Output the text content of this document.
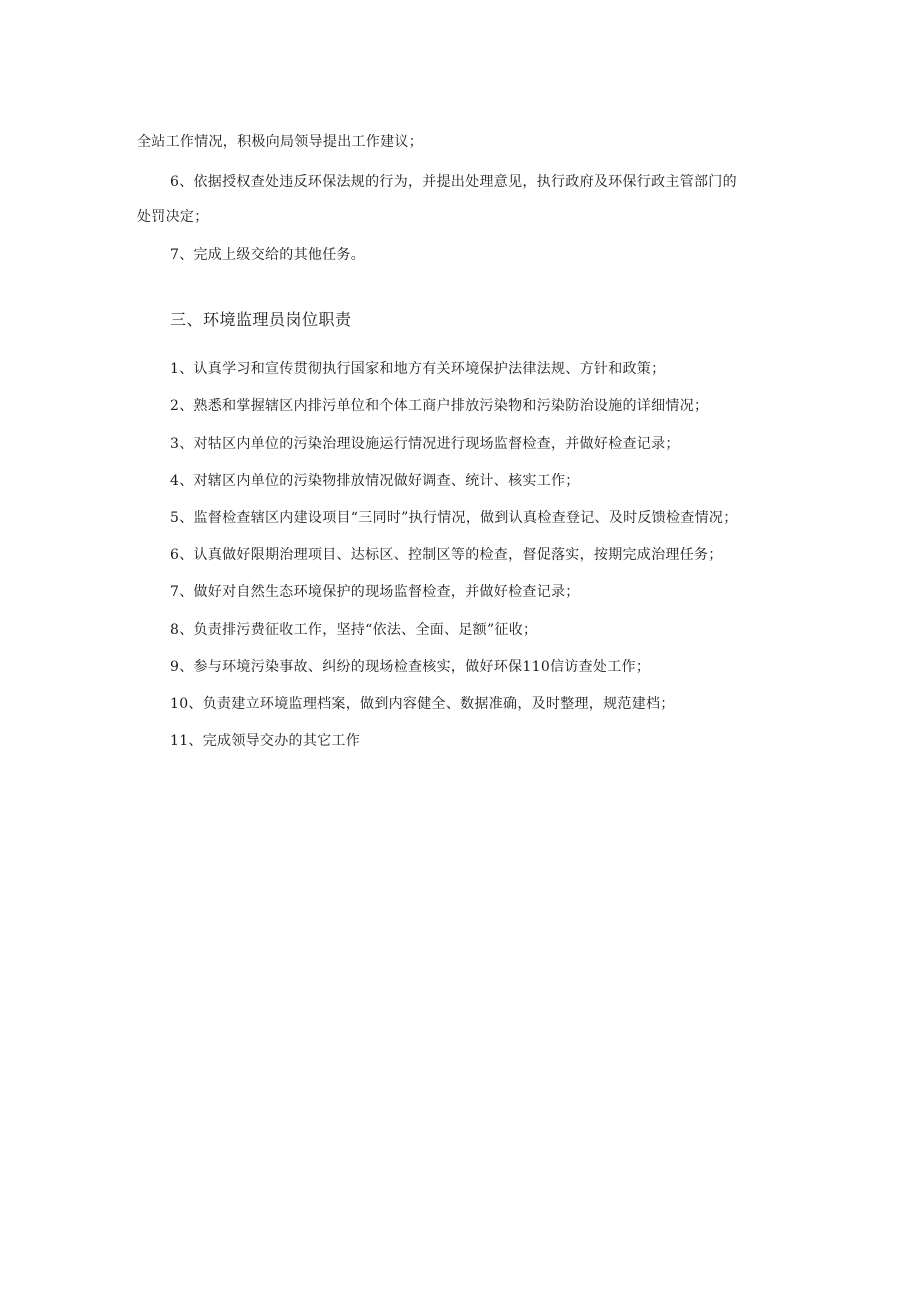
全站工作情况，积极向局领导提出工作建议；
6、依据授权查处违反环保法规的行为，并提出处理意见，执行政府及环保行政主管部门的
处罚决定；
7、完成上级交给的其他任务。
三、环境监理员岗位职责
1、认真学习和宣传贯彻执行国家和地方有关环境保护法律法规、方针和政策；
2、熟悉和掌握辖区内排污单位和个体工商户排放污染物和污染防治设施的详细情况；
3、对牯区内单位的污染治理设施运行情况进行现场监督检查，并做好检查记录；
4、对辖区内单位的污染物排放情况做好调查、统计、核实工作；
5、监督检查辖区内建设项目“三同时”执行情况，做到认真检查登记、及时反馈检查情况；
6、认真做好限期治理项目、达标区、控制区等的检查，督促落实，按期完成治理任务；
7、做好对自然生态环境保护的现场监督检查，并做好检查记录；
8、负责排污费征收工作，坚持“依法、全面、足额”征收；
9、参与环境污染事故、纠纷的现场检查核实，做好环保110信访查处工作；
10、负责建立环境监理档案，做到内容健全、数据准确，及时整理，规范建档；
11、完成领导交办的其它工作
